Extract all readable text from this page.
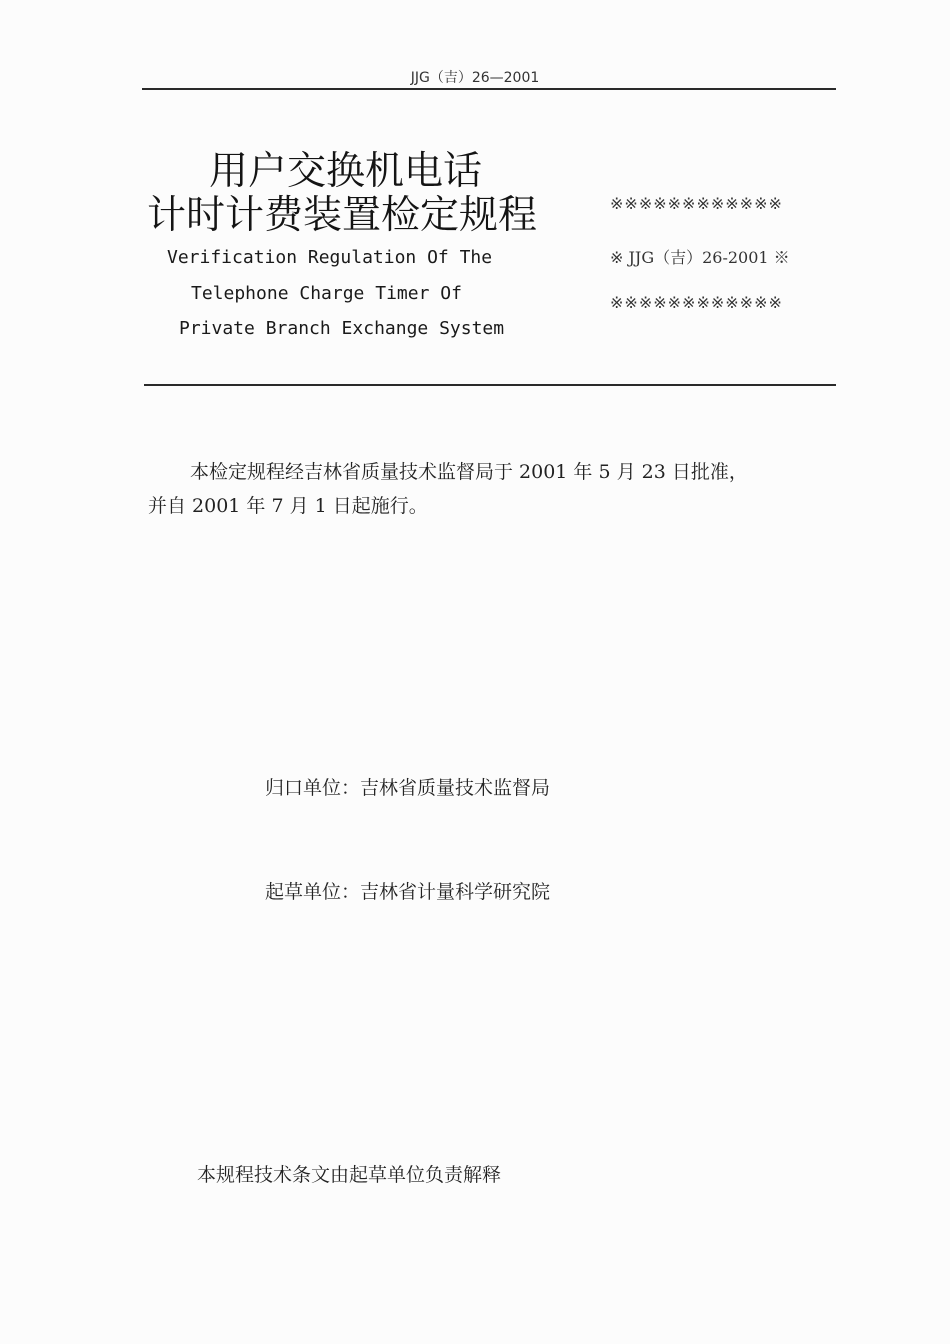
JJG（吉）26—2001
用户交换机电话
计时计费装置检定规程
Verification Regulation Of The
Telephone Charge Timer Of
Private Branch Exchange System
※※※※※※※※※※※※
※ JJG（吉）26-2001 ※
※※※※※※※※※※※※
本检定规程经吉林省质量技术监督局于 2001 年 5 月 23 日批准，
并自 2001 年 7 月 1 日起施行。
归口单位：吉林省质量技术监督局
起草单位：吉林省计量科学研究院
本规程技术条文由起草单位负责解释
